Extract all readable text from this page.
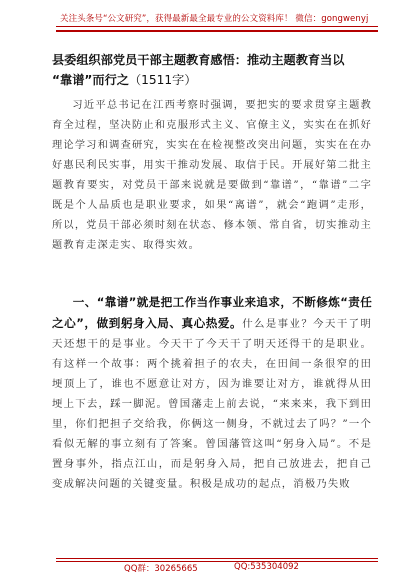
关注头条号“公文研究”，获得最新最全最专业的公文资料库！ 微信：gongwenyj
县委组织部党员干部主题教育感悟：推动主题教育当以
“靠谱”而行之（1511字）

习近平总书记在江西考察时强调，要把实的要求贯穿主题教育全过程，坚决防止和克服形式主义、官僚主义，实实在在抓好理论学习和调查研究，实实在在检视整改突出问题，实实在在办好惠民利民实事，用实干推动发展、取信于民。开展好第二批主题教育要实，对党员干部来说就是要做到“靠谱”，“靠谱”二字既是个人品质也是职业要求，如果“离谱”，就会“跑调”走形，所以，党员干部必须时刻在状态、修本领、常自省，切实推动主题教育走深走实、取得实效。

一、“靠谱”就是把工作当作事业来追求，不断修炼“责任之心”，做到躬身入局、真心热爱。什么是事业？今天干了明天还想干的是事业。今天干了今天干了明天还得干的是职业。有这样一个故事：两个挑着担子的农夫，在田间一条很窄的田埂顶上了，谁也不愿意让对方，因为谁要让对方，谁就得从田埂上下去，踩一脚泥。曾国藩走上前去说，“来来来，我下到田里，你们把担子交给我，你俩这一侧身，不就过去了吗？”一个看似无解的事立刻有了答案。曾国藩管这叫“躬身入局”。不是置身事外，指点江山，而是躬身入局，把自己放进去，把自己变成解决问题的关键变量。积极是成功的起点，消极乃失败
QQ群：30265665	QQ:535304092
